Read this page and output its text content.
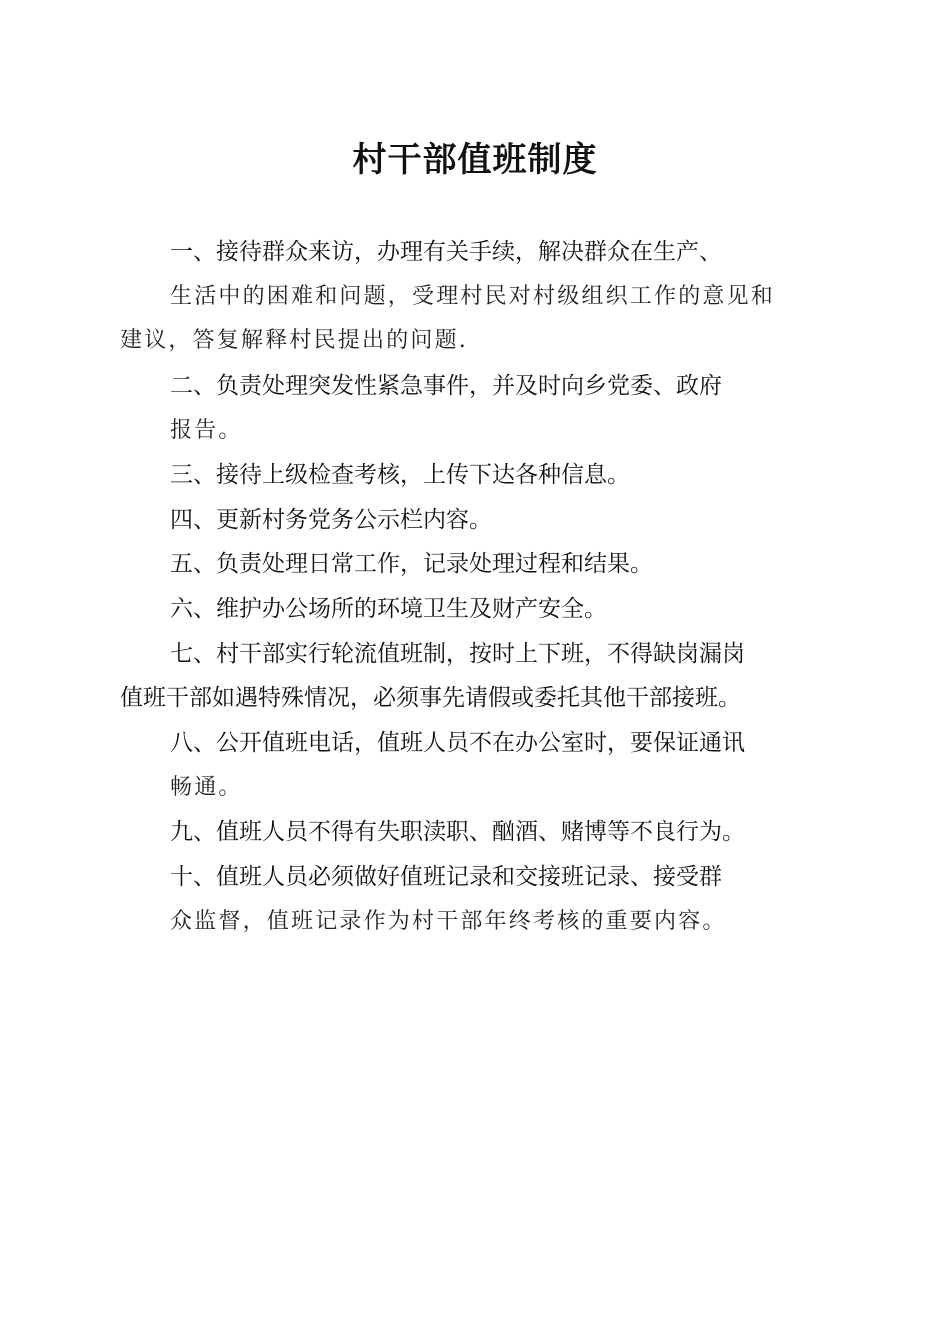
村干部值班制度
一、接待群众来访，办理有关手续，解决群众在生产、
生活中的困难和问题，受理村民对村级组织工作的意见和
建议，答复解释村民提出的问题.
二、负责处理突发性紧急事件，并及时向乡党委、政府
报告。
三、接待上级检查考核，上传下达各种信息。
四、更新村务党务公示栏内容。
五、负责处理日常工作，记录处理过程和结果。
六、维护办公场所的环境卫生及财产安全。
七、村干部实行轮流值班制，按时上下班，不得缺岗漏岗
值班干部如遇特殊情况，必须事先请假或委托其他干部接班。
八、公开值班电话，值班人员不在办公室时，要保证通讯
畅通。
九、值班人员不得有失职渎职、酗酒、赌博等不良行为。
十、值班人员必须做好值班记录和交接班记录、接受群
众监督，值班记录作为村干部年终考核的重要内容。
